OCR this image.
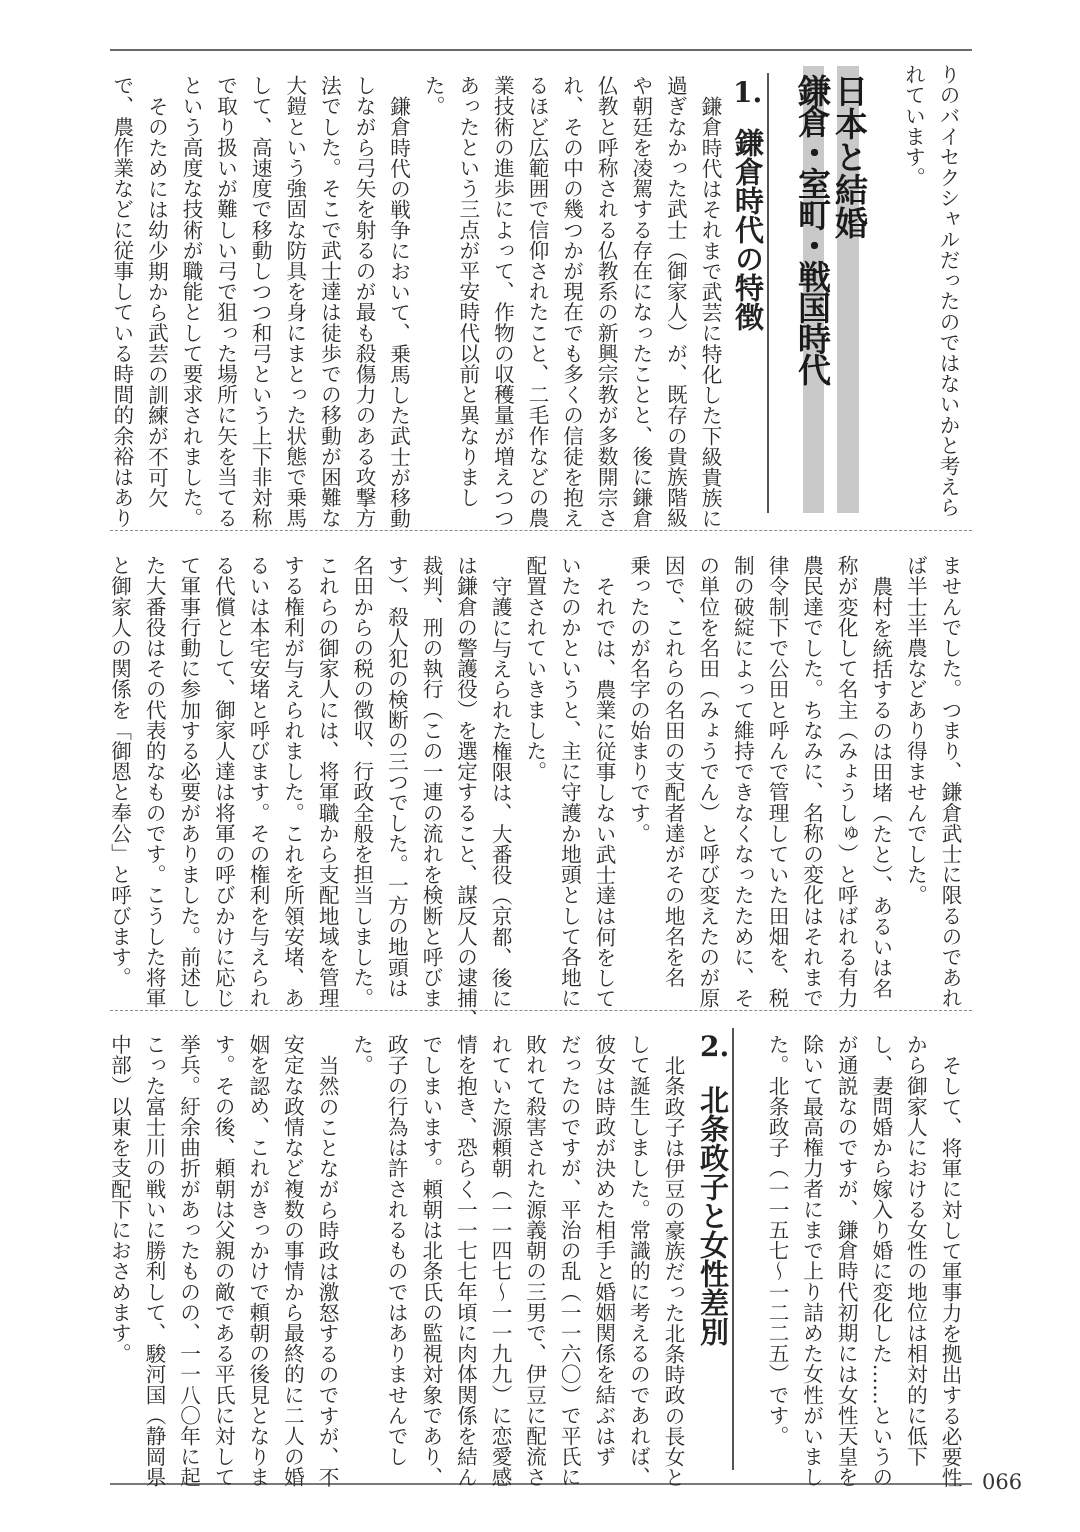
日本と結婚
鎌倉・室町・戦国時代
1.
鎌倉時代の特徴
2.
北条政子と女性差別
りのバイセクシャルだったのではないかと考えら
れています。
鎌倉時代はそれまで武芸に特化した下級貴族に
過ぎなかった武士（御家人）が、既存の貴族階級
や朝廷を凌駕する存在になったことと、後に鎌倉
仏教と呼称される仏教系の新興宗教が多数開宗さ
れ、その中の幾つかが現在でも多くの信徒を抱え
るほど広範囲で信仰されたこと、二毛作などの農
業技術の進歩によって、作物の収穫量が増えつつ
あったという三点が平安時代以前と異なりまし
た。
鎌倉時代の戦争において、乗馬した武士が移動
しながら弓矢を射るのが最も殺傷力のある攻撃方
法でした。そこで武士達は徒歩での移動が困難な
大鎧という強固な防具を身にまとった状態で乗馬
して、高速度で移動しつつ和弓という上下非対称
で取り扱いが難しい弓で狙った場所に矢を当てる
という高度な技術が職能として要求されました。
そのためには幼少期から武芸の訓練が不可欠
で、農作業などに従事している時間的余裕はあり
ませんでした。つまり、鎌倉武士に限るのであれ
ば半士半農などあり得ませんでした。
農村を統括するのは田堵（たと）、あるいは名
称が変化して名主（みょうしゅ）と呼ばれる有力
農民達でした。ちなみに、名称の変化はそれまで
律令制下で公田と呼んで管理していた田畑を、税
制の破綻によって維持できなくなったために、そ
の単位を名田（みょうでん）と呼び変えたのが原
因で、これらの名田の支配者達がその地名を名
乗ったのが名字の始まりです。
それでは、農業に従事しない武士達は何をして
いたのかというと、主に守護か地頭として各地に
配置されていきました。
守護に与えられた権限は、大番役（京都、後に
は鎌倉の警護役）を選定すること、謀反人の逮捕、
裁判、刑の執行（この一連の流れを検断と呼びま
す）、殺人犯の検断の三つでした。一方の地頭は
名田からの税の徴収、行政全般を担当しました。
これらの御家人には、将軍職から支配地域を管理
する権利が与えられました。これを所領安堵、あ
るいは本宅安堵と呼びます。その権利を与えられ
る代償として、御家人達は将軍の呼びかけに応じ
て軍事行動に参加する必要がありました。前述し
た大番役はその代表的なものです。こうした将軍
と御家人の関係を「御恩と奉公」と呼びます。
そして、将軍に対して軍事力を拠出する必要性
から御家人における女性の地位は相対的に低下
し、妻問婚から嫁入り婚に変化した……というの
が通説なのですが、鎌倉時代初期には女性天皇を
除いて最高権力者にまで上り詰めた女性がいまし
た。北条政子（一一五七～一二二五）です。
北条政子は伊豆の豪族だった北条時政の長女と
して誕生しました。常識的に考えるのであれば、
彼女は時政が決めた相手と婚姻関係を結ぶはず
だったのですが、平治の乱（一一六〇）で平氏に
敗れて殺害された源義朝の三男で、伊豆に配流さ
れていた源頼朝（一一四七～一一九九）に恋愛感
情を抱き、恐らく一一七七年頃に肉体関係を結ん
でしまいます。頼朝は北条氏の監視対象であり、
政子の行為は許されるものではありませんでし
た。
当然のことながら時政は激怒するのですが、不
安定な政情など複数の事情から最終的に二人の婚
姻を認め、これがきっかけで頼朝の後見となりま
す。その後、頼朝は父親の敵である平氏に対して
挙兵。紆余曲折があったものの、一一八〇年に起
こった富士川の戦いに勝利して、駿河国（静岡県
中部）以東を支配下におさめます。
066
